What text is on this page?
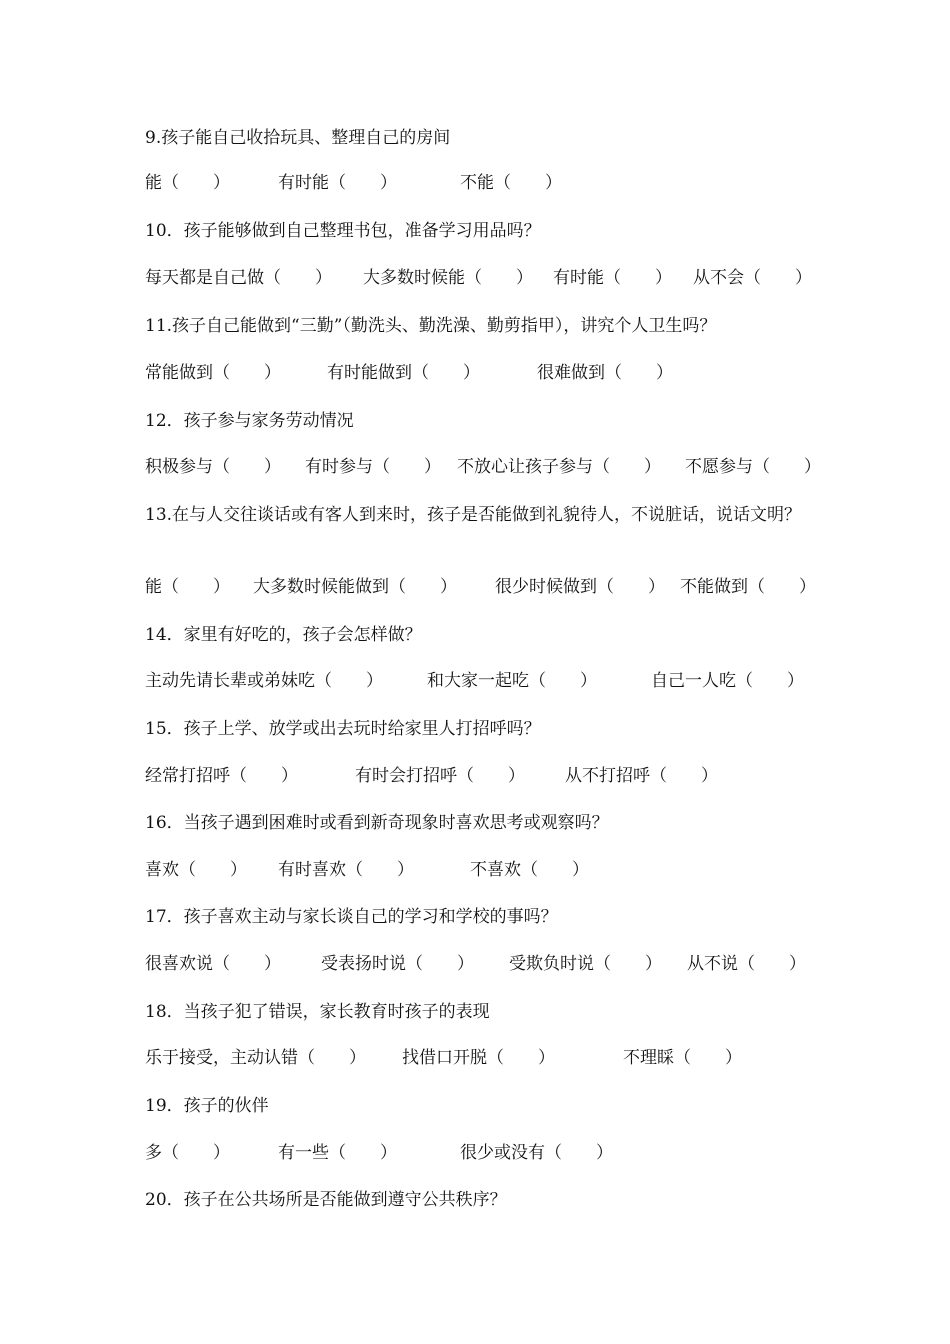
9.孩子能自己收拾玩具、整理自己的房间
能（　　）	有时能（　　）	不能（　　）
10．孩子能够做到自己整理书包，准备学习用品吗？
每天都是自己做（　　） 大多数时候能（　　） 有时能（　　） 从不会（　　）
11.孩子自己能做到“三勤”（勤洗头、勤洗澡、勤剪指甲），讲究个人卫生吗？
常能做到（　　）	有时能做到（　　）	很难做到（　　）
12．孩子参与家务劳动情况
积极参与（　　） 有时参与（　　） 不放心让孩子参与（　　） 不愿参与（　　）
13.在与人交往谈话或有客人到来时，孩子是否能做到礼貌待人，不说脏话，说话文明？
能（　　） 大多数时候能做到（　　） 很少时候做到（　　） 不能做到（　　）
14．家里有好吃的，孩子会怎样做？
主动先请长辈或弟妹吃（　　）	和大家一起吃（　　）	自己一人吃（　　）
15．孩子上学、放学或出去玩时给家里人打招呼吗？
经常打招呼（　　）	有时会打招呼（　　） 从不打招呼（　　）
16．当孩子遇到困难时或看到新奇现象时喜欢思考或观察吗？
喜欢（　　） 有时喜欢（　　）	不喜欢（　　）
17．孩子喜欢主动与家长谈自己的学习和学校的事吗？
很喜欢说（　　） 受表扬时说（　　） 受欺负时说（　　） 从不说（　　）
18．当孩子犯了错误，家长教育时孩子的表现
乐于接受，主动认错（　　） 找借口开脱（　　）	不理睬（　　）
19．孩子的伙伴
多（　　）	有一些（　　）	很少或没有（　　）
20．孩子在公共场所是否能做到遵守公共秩序？
